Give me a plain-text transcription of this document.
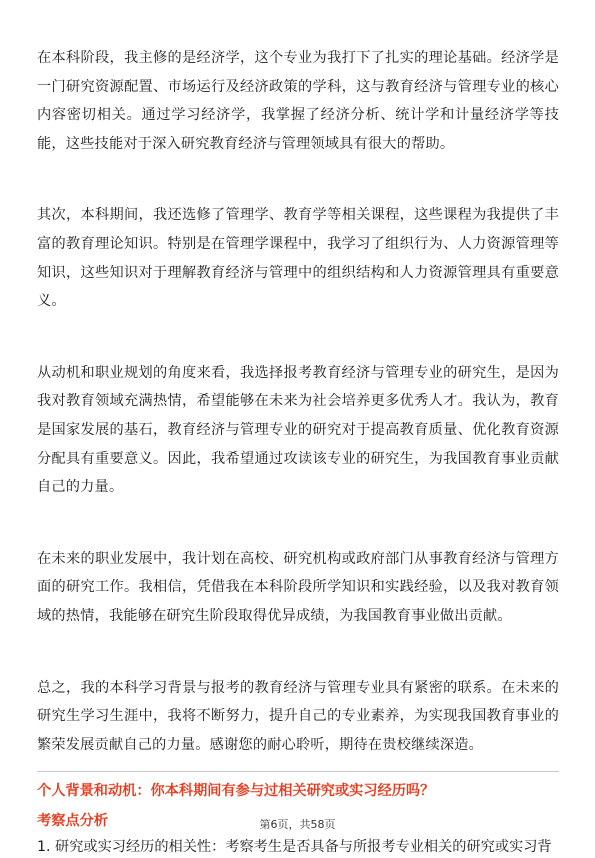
在本科阶段，我主修的是经济学，这个专业为我打下了扎实的理论基础。经济学是一门研究资源配置、市场运行及经济政策的学科，这与教育经济与管理专业的核心内容密切相关。通过学习经济学，我掌握了经济分析、统计学和计量经济学等技能，这些技能对于深入研究教育经济与管理领域具有很大的帮助。

其次，本科期间，我还选修了管理学、教育学等相关课程，这些课程为我提供了丰富的教育理论知识。特别是在管理学课程中，我学习了组织行为、人力资源管理等知识，这些知识对于理解教育经济与管理中的组织结构和人力资源管理具有重要意义。

从动机和职业规划的角度来看，我选择报考教育经济与管理专业的研究生，是因为我对教育领域充满热情，希望能够在未来为社会培养更多优秀人才。我认为，教育是国家发展的基石，教育经济与管理专业的研究对于提高教育质量、优化教育资源分配具有重要意义。因此，我希望通过攻读该专业的研究生，为我国教育事业贡献自己的力量。

在未来的职业发展中，我计划在高校、研究机构或政府部门从事教育经济与管理方面的研究工作。我相信，凭借我在本科阶段所学知识和实践经验，以及我对教育领域的热情，我能够在研究生阶段取得优异成绩，为我国教育事业做出贡献。

总之，我的本科学习背景与报考的教育经济与管理专业具有紧密的联系。在未来的研究生学习生涯中，我将不断努力，提升自己的专业素养，为实现我国教育事业的繁荣发展贡献自己的力量。感谢您的耐心聆听，期待在贵校继续深造。

个人背景和动机：你本科期间有参与过相关研究或实习经历吗？
考察点分析
1. 研究或实习经历的相关性：考察考生是否具备与所报考专业相关的研究或实习背
第6页，共58页
